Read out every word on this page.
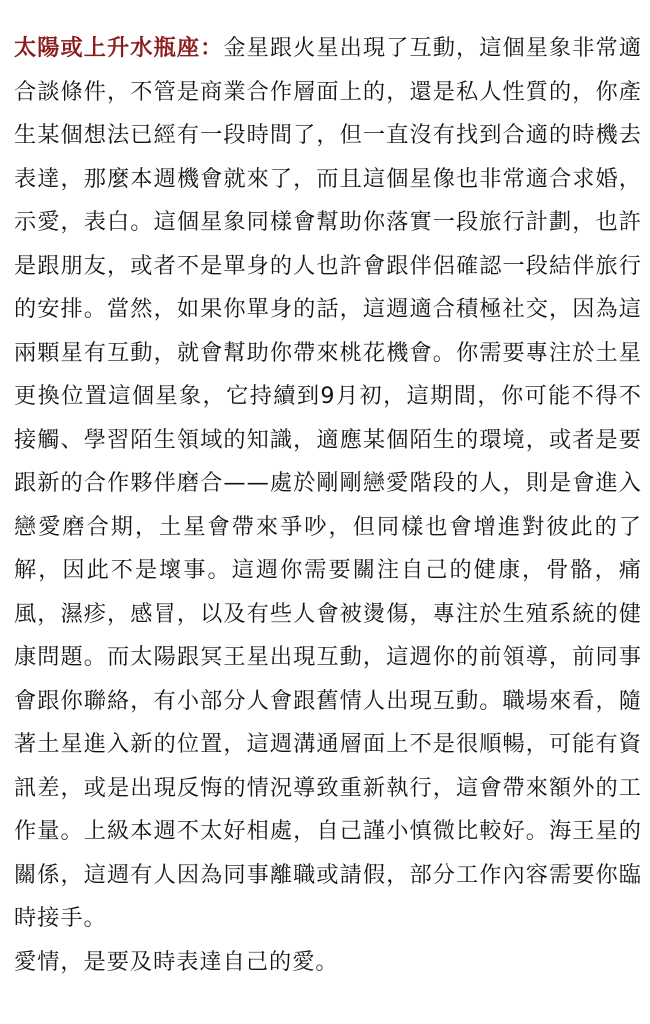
太陽或上升水瓶座：金星跟火星出現了互動，這個星象非常適合談條件，不管是商業合作層面上的，還是私人性質的，你產生某個想法已經有一段時間了，但一直沒有找到合適的時機去表達，那麼本週機會就來了，而且這個星像也非常適合求婚，示愛，表白。這個星象同樣會幫助你落實一段旅行計劃，也許是跟朋友，或者不是單身的人也許會跟伴侶確認一段結伴旅行的安排。當然，如果你單身的話，這週適合積極社交，因為這兩顆星有互動，就會幫助你帶來桃花機會。你需要專注於土星更換位置這個星象，它持續到9月初，這期間，你可能不得不接觸、學習陌生領域的知識，適應某個陌生的環境，或者是要跟新的合作夥伴磨合——處於剛剛戀愛階段的人，則是會進入戀愛磨合期，土星會帶來爭吵，但同樣也會增進對彼此的了解，因此不是壞事。這週你需要關注自己的健康，骨骼，痛風，濕疹，感冒，以及有些人會被燙傷，專注於生殖系統的健康問題。而太陽跟冥王星出現互動，這週你的前領導，前同事會跟你聯絡，有小部分人會跟舊情人出現互動。職場來看，隨著土星進入新的位置，這週溝通層面上不是很順暢，可能有資訊差，或是出現反悔的情況導致重新執行，這會帶來額外的工作量。上級本週不太好相處，自己謹小慎微比較好。海王星的關係，這週有人因為同事離職或請假，部分工作內容需要你臨時接手。

愛情，是要及時表達自己的愛。
